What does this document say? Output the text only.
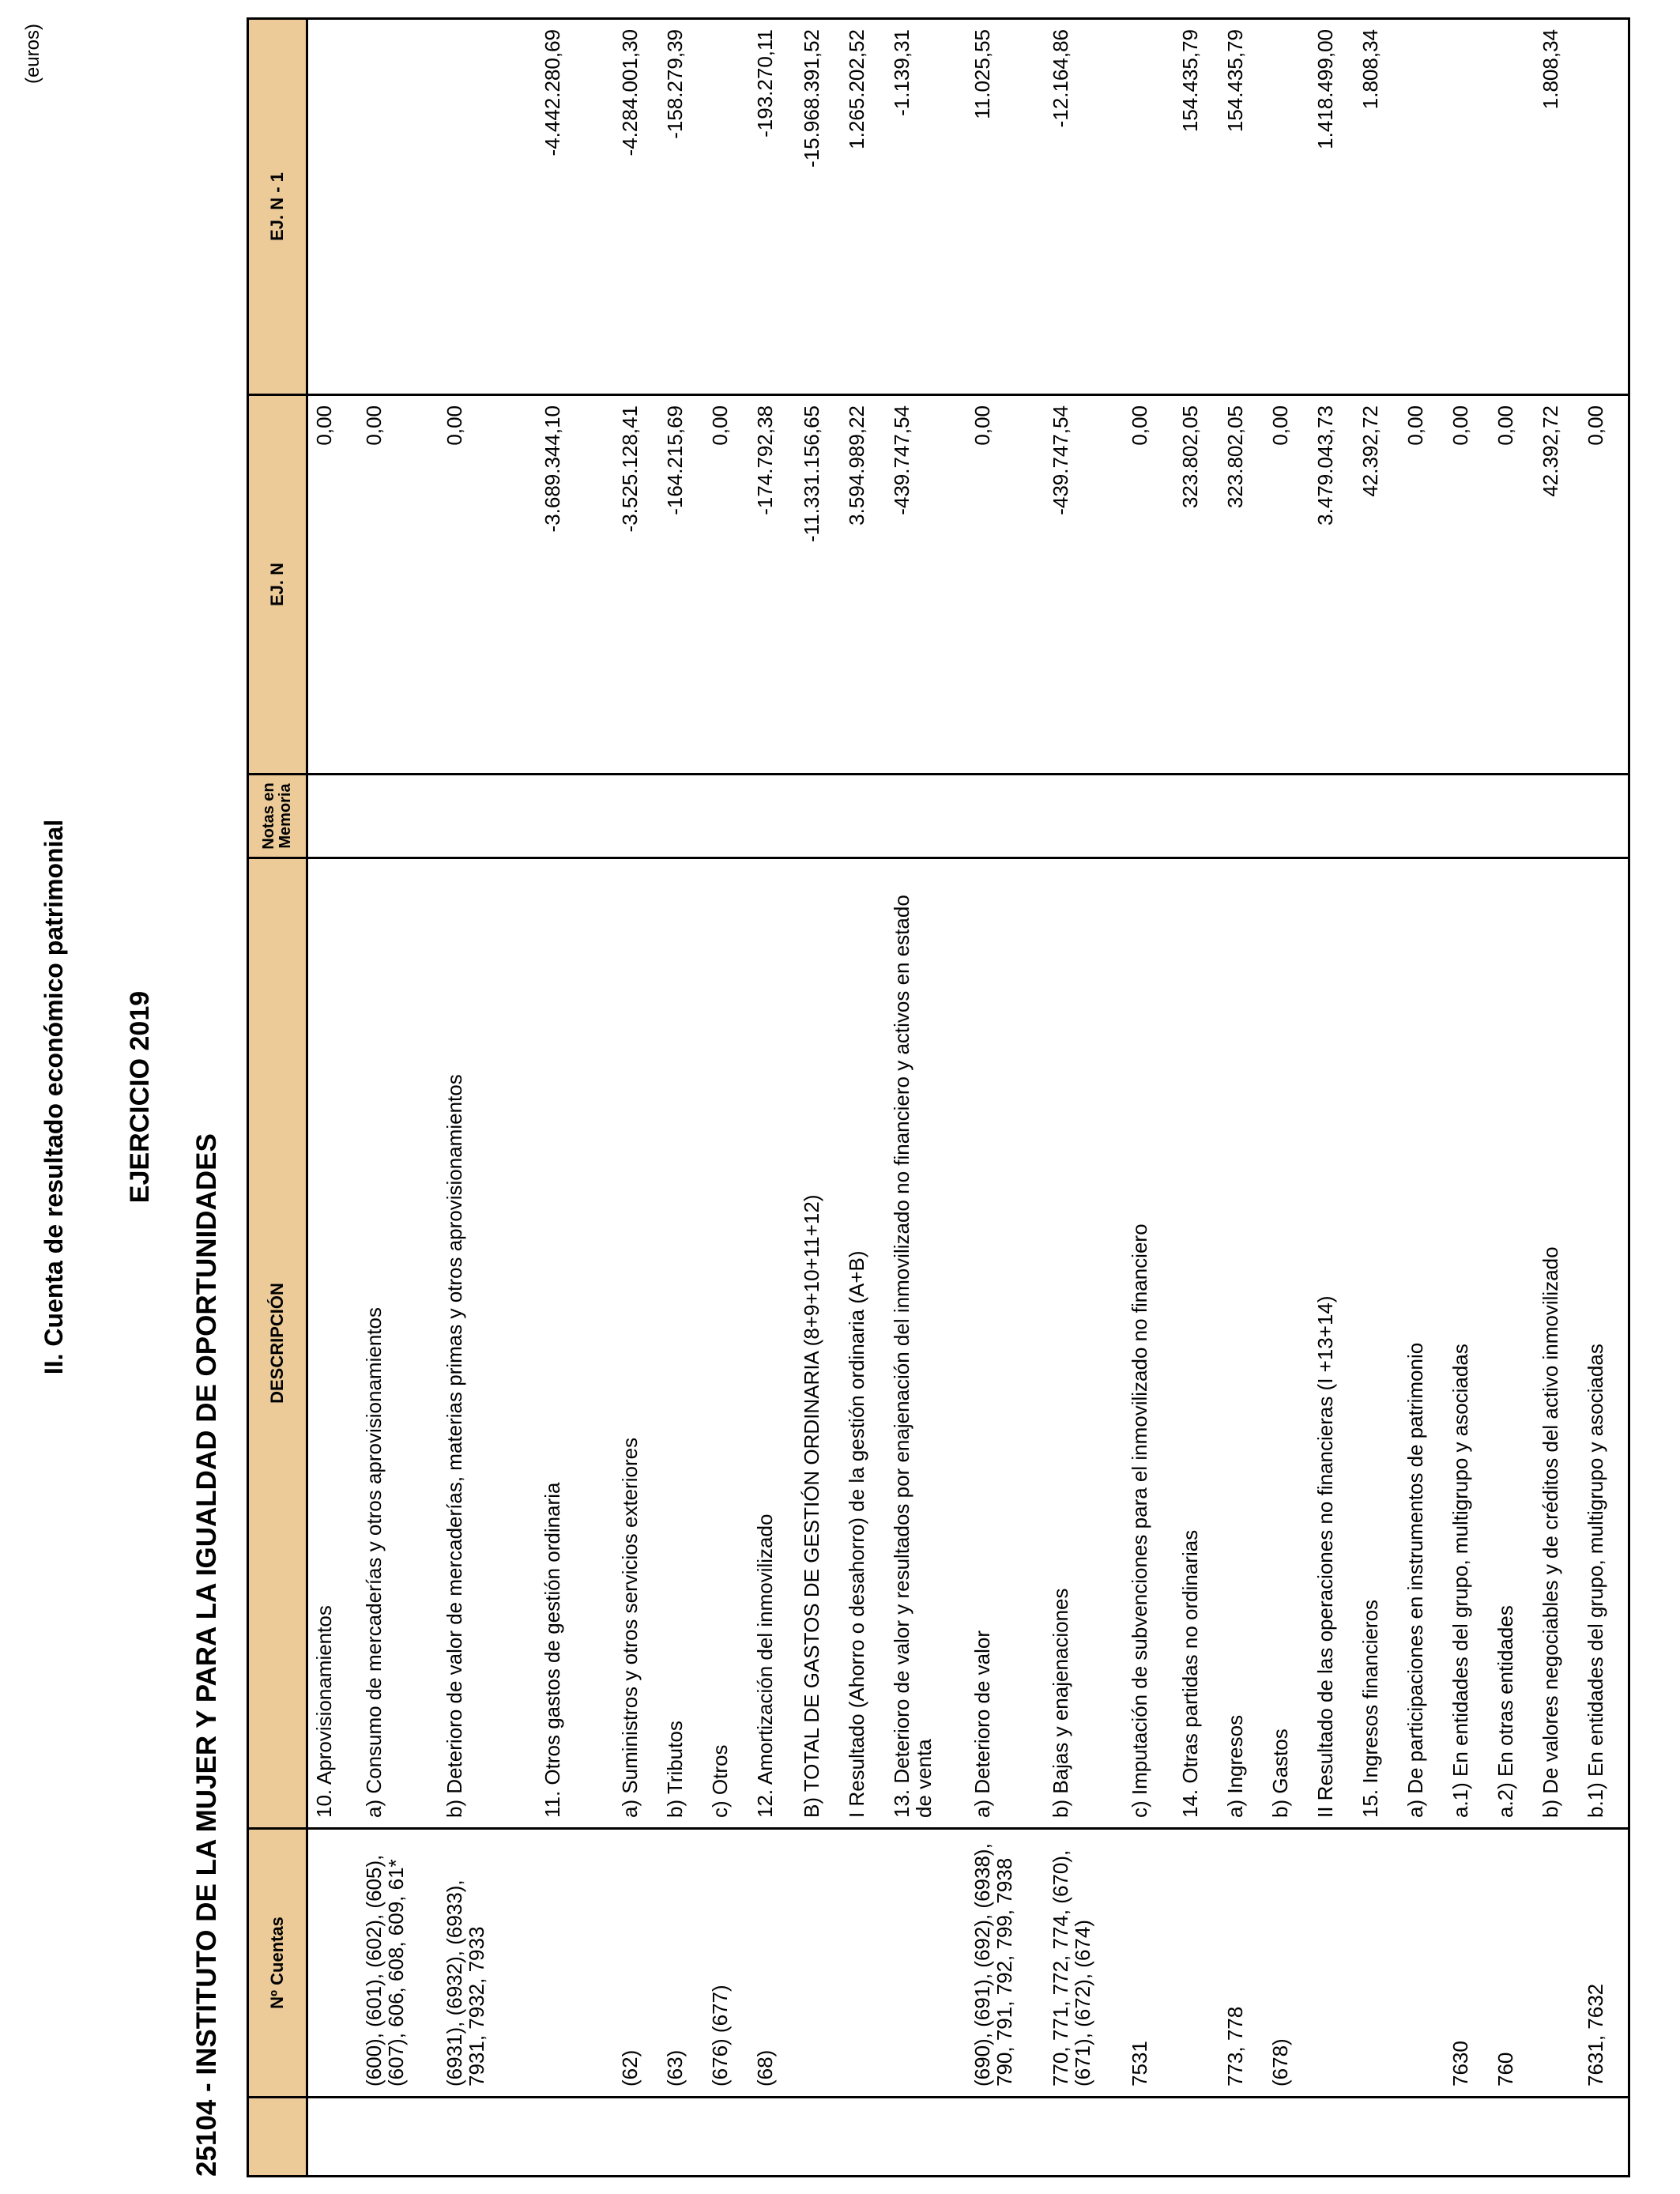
II. Cuenta de resultado económico patrimonial EJERCICIO 2019
25104 - INSTITUTO DE LA MUJER Y PARA LA IGUALDAD DE OPORTUNIDADES
(euros)
	Nº Cuentas	DESCRIPCIÓN	Notas en
Memoria	EJ. N	EJ. N - 1
		10. Aprovisionamientos		0,00	
	(600), (601), (602), (605), (607), 606, 608, 609, 61*	a) Consumo de mercaderías y otros aprovisionamientos		0,00	
	(6931), (6932), (6933), 7931, 7932, 7933	b) Deterioro de valor de mercaderías, materias primas y otros aprovisionamientos		0,00	
		11. Otros gastos de gestión ordinaria		-3.689.344,10	-4.442.280,69
	(62)	a) Suministros y otros servicios exteriores		-3.525.128,41	-4.284.001,30
	(63)	b) Tributos		-164.215,69	-158.279,39
	(676) (677)	c) Otros		0,00	
	(68)	12. Amortización del inmovilizado		-174.792,38	-193.270,11
		B) TOTAL DE GASTOS DE GESTIÓN ORDINARIA (8+9+10+11+12)		-11.331.156,65	-15.968.391,52
		I Resultado (Ahorro o desahorro) de la gestión ordinaria (A+B)		3.594.989,22	1.265.202,52
		13. Deterioro de valor y resultados por enajenación del inmovilizado no financiero y activos en estado de venta		-439.747,54	-1.139,31
	(690), (691), (692), (6938), 790, 791, 792, 799, 7938	a) Deterioro de valor		0,00	11.025,55
	770, 771, 772, 774, (670), (671), (672), (674)	b) Bajas y enajenaciones		-439.747,54	-12.164,86
	7531	c) Imputación de subvenciones para el inmovilizado no financiero		0,00	
		14. Otras partidas no ordinarias		323.802,05	154.435,79
	773, 778	a) Ingresos		323.802,05	154.435,79
	(678)	b) Gastos		0,00	
		II Resultado de las operaciones no financieras (I +13+14)		3.479.043,73	1.418.499,00
		15. Ingresos financieros		42.392,72	1.808,34
		a) De participaciones en instrumentos de patrimonio		0,00	
	7630	a.1) En entidades del grupo, multigrupo y asociadas		0,00	
	760	a.2) En otras entidades		0,00	
		b) De valores negociables y de créditos del activo inmovilizado		42.392,72	1.808,34
	7631, 7632	b.1) En entidades del grupo, multigrupo y asociadas		0,00	
